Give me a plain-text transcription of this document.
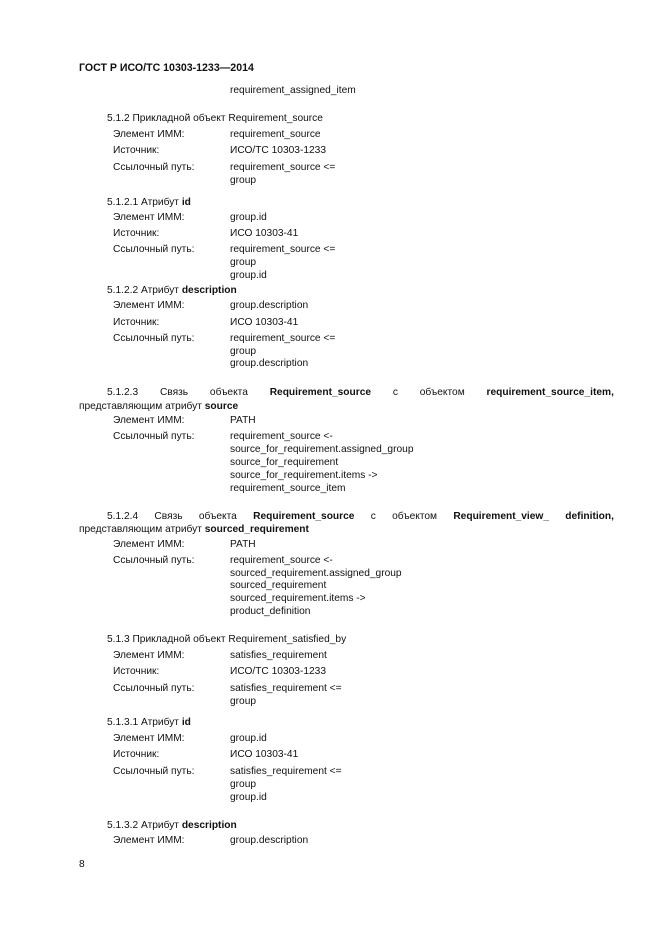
ГОСТ Р ИСО/ТС 10303-1233—2014
requirement_assigned_item
5.1.2 Прикладной объект Requirement_source
Элемент ИММ:	requirement_source
Источник:	ИСО/ТС 10303-1233
Ссылочный путь:	requirement_source <=
group
5.1.2.1 Атрибут id
Элемент ИММ:	group.id
Источник:	ИСО 10303-41
Ссылочный путь:	requirement_source <=
group
group.id
5.1.2.2 Атрибут description
Элемент ИММ:	group.description
Источник:	ИСО 10303-41
Ссылочный путь:	requirement_source <=
group
group.description
5.1.2.3 Связь объекта Requirement_source с объектом requirement_source_item,
представляющим атрибут source
Элемент ИММ:	PATH
Ссылочный путь:	requirement_source <-
source_for_requirement.assigned_group
source_for_requirement
source_for_requirement.items ->
requirement_source_item
5.1.2.4 Связь объекта Requirement_source с объектом Requirement_view_ definition,
представляющим атрибут sourced_requirement
Элемент ИММ:	PATH
Ссылочный путь:	requirement_source <-
sourced_requirement.assigned_group
sourced_requirement
sourced_requirement.items ->
product_definition
5.1.3 Прикладной объект Requirement_satisfied_by
Элемент ИММ:	satisfies_requirement
Источник:	ИСО/ТС 10303-1233
Ссылочный путь:	satisfies_requirement <=
group
5.1.3.1 Атрибут id
Элемент ИММ:	group.id
Источник:	ИСО 10303-41
Ссылочный путь:	satisfies_requirement <=
group
group.id
5.1.3.2 Атрибут description
Элемент ИММ:	group.description
8
